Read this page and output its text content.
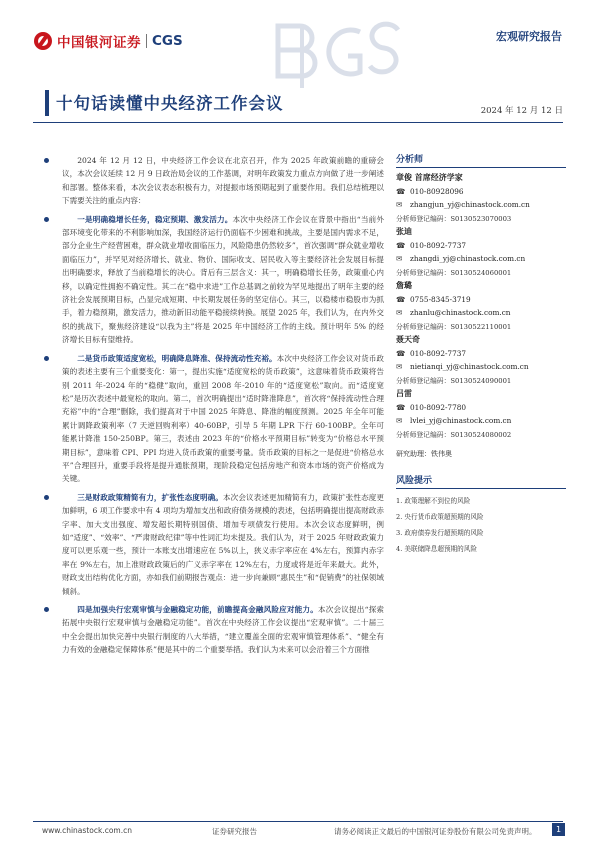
中国银河证券 CGS	宏观研究报告
十句话读懂中央经济工作会议	2024 年 12 月 12 日

2024 年 12 月 12 日，中央经济工作会议在北京召开，作为 2025 年政策前瞻的重磅会议，本次会议延续 12 月 9 日政治局会议的工作基调，对明年政策发力重点方向做了进一步阐述和部署。整体来看，本次会议表态积极有力，对提振市场预期起到了重要作用。我们总结梳理以下需要关注的重点内容：

一是明确稳增长任务，稳定预期、激发活力。本次中央经济工作会议在背景中指出“当前外部环境变化带来的不利影响加深，我国经济运行仍面临不少困难和挑战，主要是国内需求不足，部分企业生产经营困难，群众就业增收面临压力，风险隐患仍然较多”，首次强调“群众就业增收面临压力”，并罕见对经济增长、就业、物价、国际收支、居民收入等主要经济社会发展目标提出明确要求，释放了当前稳增长的决心。背后有三层含义：其一，明确稳增长任务，政策重心内移，以确定性拥抱不确定性。其二在“稳中求进”工作总基调之前较为罕见地提出了明年主要的经济社会发展预期目标，凸显完成短期、中长期发展任务的坚定信心。其三，以稳楼市稳股市为抓手，着力稳预期，激发活力，推动新旧动能平稳接续转换。展望 2025 年，我们认为，在内外交织的挑战下，聚焦经济建设“以我为主”将是 2025 年中国经济工作的主线。预计明年 5% 的经济增长目标有望维持。

二是货币政策适度宽松，明确降息降准、保持流动性充裕。本次中央经济工作会议对货币政策的表述主要有三个重要变化：第一，提出实施“适度宽松的货币政策”，这意味着货币政策将告别 2011 年-2024 年的“稳健”取向，重回 2008 年-2010 年的“适度宽松”取向。而“适度宽松”是历次表述中最宽松的取向。第二，首次明确提出“适时降准降息”，首次将“保持流动性合理充裕”中的“合理”删除，我们提高对于中国 2025 年降息、降准的幅度预测。2025 年全年可能累计调降政策利率（7 天逆回购利率）40-60BP，引导 5 年期 LPR 下行 60-100BP。全年可能累计降准 150-250BP。第三，表述由 2023 年的“价格水平预期目标”转变为“价格总水平预期目标”，意味着 CPI、PPI 均进入货币政策的重要考量。货币政策的目标之一是促进“价格总水平”合理回升，重要手段将是提升通胀预期，现阶段稳定包括房地产和资本市场的资产价格成为关键。

三是财政政策精简有力，扩张性态度明确。本次会议表述更加精简有力，政策扩张性态度更加鲜明，6 项工作要求中有 4 项均为增加支出和政府债务规模的表述，包括明确提出提高财政赤字率、加大支出强度、增发超长期特别国债、增加专项债发行使用。本次会议态度鲜明，例如“适度”、“效率”、“严肃财政纪律”等中性词汇均未提及。我们认为，对于 2025 年财政政策力度可以更乐观一些，预计一本账支出增速应在 5%以上，狭义赤字率应在 4%左右，预算内赤字率在 9%左右，加上准财政政策后的广义赤字率在 12%左右，力度或将是近年来最大。此外，财政支出结构优化方面，亦如我们前期报告观点：进一步向兼顾“惠民生”和“促销费”的社保领域倾斜。

四是加强央行宏观审慎与金融稳定功能，前瞻提高金融风险应对能力。本次会议提出“探索拓展中央银行宏观审慎与金融稳定功能”。首次在中央经济工作会议提出“宏观审慎”。二十届三中全会提出加快完善中央银行制度的八大举措，“建立覆盖全面的宏观审慎管理体系”、“健全有力有效的金融稳定保障体系”便是其中的二个重要举措。我们认为未来可以会沿着三个方面推

分析师
章俊 首席经济学家
☎ 010-80928096
✉	zhangjun_yj@chinastock.com.cn
分析师登记编码：S0130523070003
张迪
☎ 010-8092-7737
✉	zhangdi_yj@chinastock.com.cn
分析师登记编码：S0130524060001
詹璐
☎ 0755-8345-3719
✉	zhanlu@chinastock.com.cn
分析师登记编码：S0130522110001
聂天奇
☎ 010-8092-7737
✉	nietianqi_yj@chinastock.com.cn
分析师登记编码：S0130524090001
吕雷
☎ 010-8092-7780
✉	lvlei_yj@chinastock.com.cn
分析师登记编码：S0130524080002
研究助理：铁伟奥
风险提示
1. 政策理解不到位的风险
2. 央行货币政策超预期的风险
3. 政府债券发行超预期的风险
4. 美联储降息超预期的风险
www.chinastock.com.cn	证券研究报告	请务必阅读正文最后的中国银河证券股份有限公司免责声明。	1
